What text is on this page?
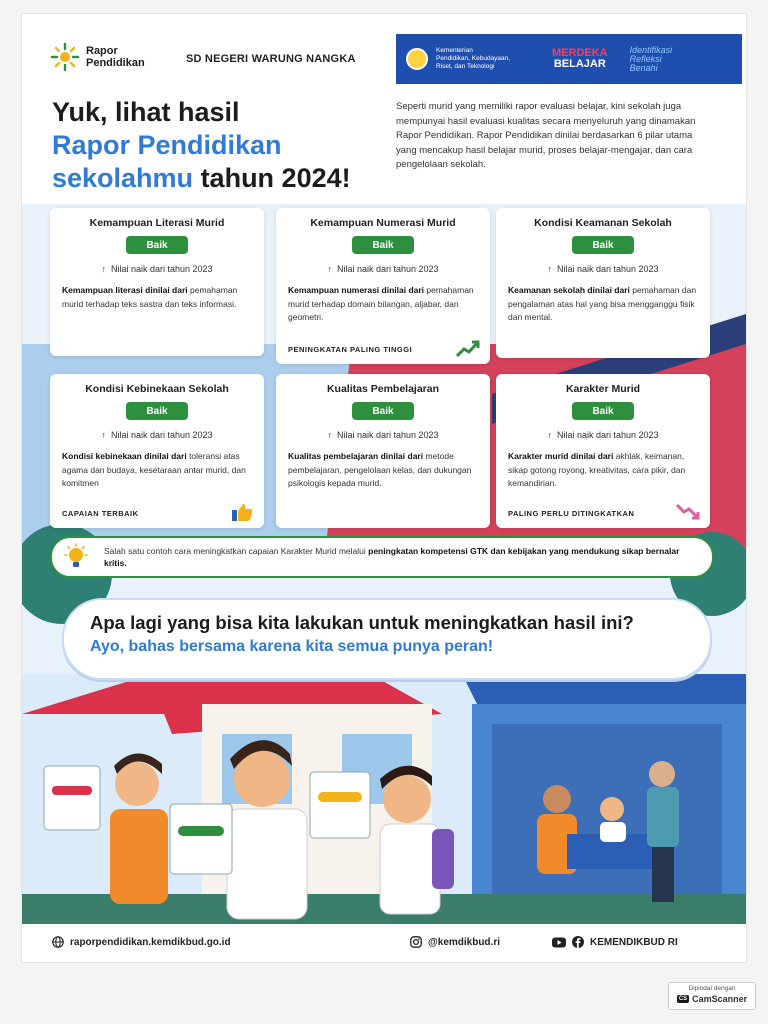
Rapor
Pendidikan	SD NEGERI WARUNG NANGKA
Kementerian
Pendidikan, Kebudayaan,
Riset, dan Teknologi
MERDEKA
BELAJAR
Identifikasi
Refleksi
Benahi
Yuk, lihat hasil
Rapor Pendidikan
sekolahmu tahun 2024!
Seperti murid yang memiliki rapor evaluasi belajar, kini sekolah juga mempunyai hasil evaluasi kualitas secara menyeluruh yang dinamakan Rapor Pendidikan. Rapor Pendidikan dinilai berdasarkan 6 pilar utama yang mencakup hasil belajar murid, proses belajar-mengajar, dan cara pengelolaan sekolah.
Kemampuan Literasi Murid
Baik
↑ Nilai naik dari tahun 2023
Kemampuan literasi dinilai dari pemahaman murid terhadap teks sastra dan teks informasi.
Kemampuan Numerasi Murid
Baik
↑ Nilai naik dari tahun 2023
Kemampuan numerasi dinilai dari pemahaman murid terhadap domain bilangan, aljabar, dan geometri.
PENINGKATAN PALING TINGGI
Kondisi Keamanan Sekolah
Baik
↑ Nilai naik dari tahun 2023
Keamanan sekolah dinilai dari pemahaman dan pengalaman atas hal yang bisa mengganggu fisik dan mental.
Kondisi Kebinekaan Sekolah
Baik
↑ Nilai naik dari tahun 2023
Kondisi kebinekaan dinilai dari toleransi atas agama dan budaya, kesetaraan antar murid, dan komitmen
CAPAIAN TERBAIK
Kualitas Pembelajaran
Baik
↑ Nilai naik dari tahun 2023
Kualitas pembelajaran dinilai dari metode pembelajaran, pengelolaan kelas, dan dukungan psikologis kepada murid.
Karakter Murid
Baik
↑ Nilai naik dari tahun 2023
Karakter murid dinilai dari akhlak, keimanan, sikap gotong royong, kreativitas, cara pikir, dan kemandirian.
PALING PERLU DITINGKATKAN
Salah satu contoh cara meningkatkan capaian Karakter Murid melalui peningkatan kompetensi GTK dan kebijakan yang mendukung sikap bernalar kritis.
Apa lagi yang bisa kita lakukan untuk meningkatkan hasil ini?
Ayo, bahas bersama karena kita semua punya peran!
raporpendidikan.kemdikbud.go.id	@kemdikbud.ri	KEMENDIKBUD RI
Dipindai dengan
CS CamScanner
